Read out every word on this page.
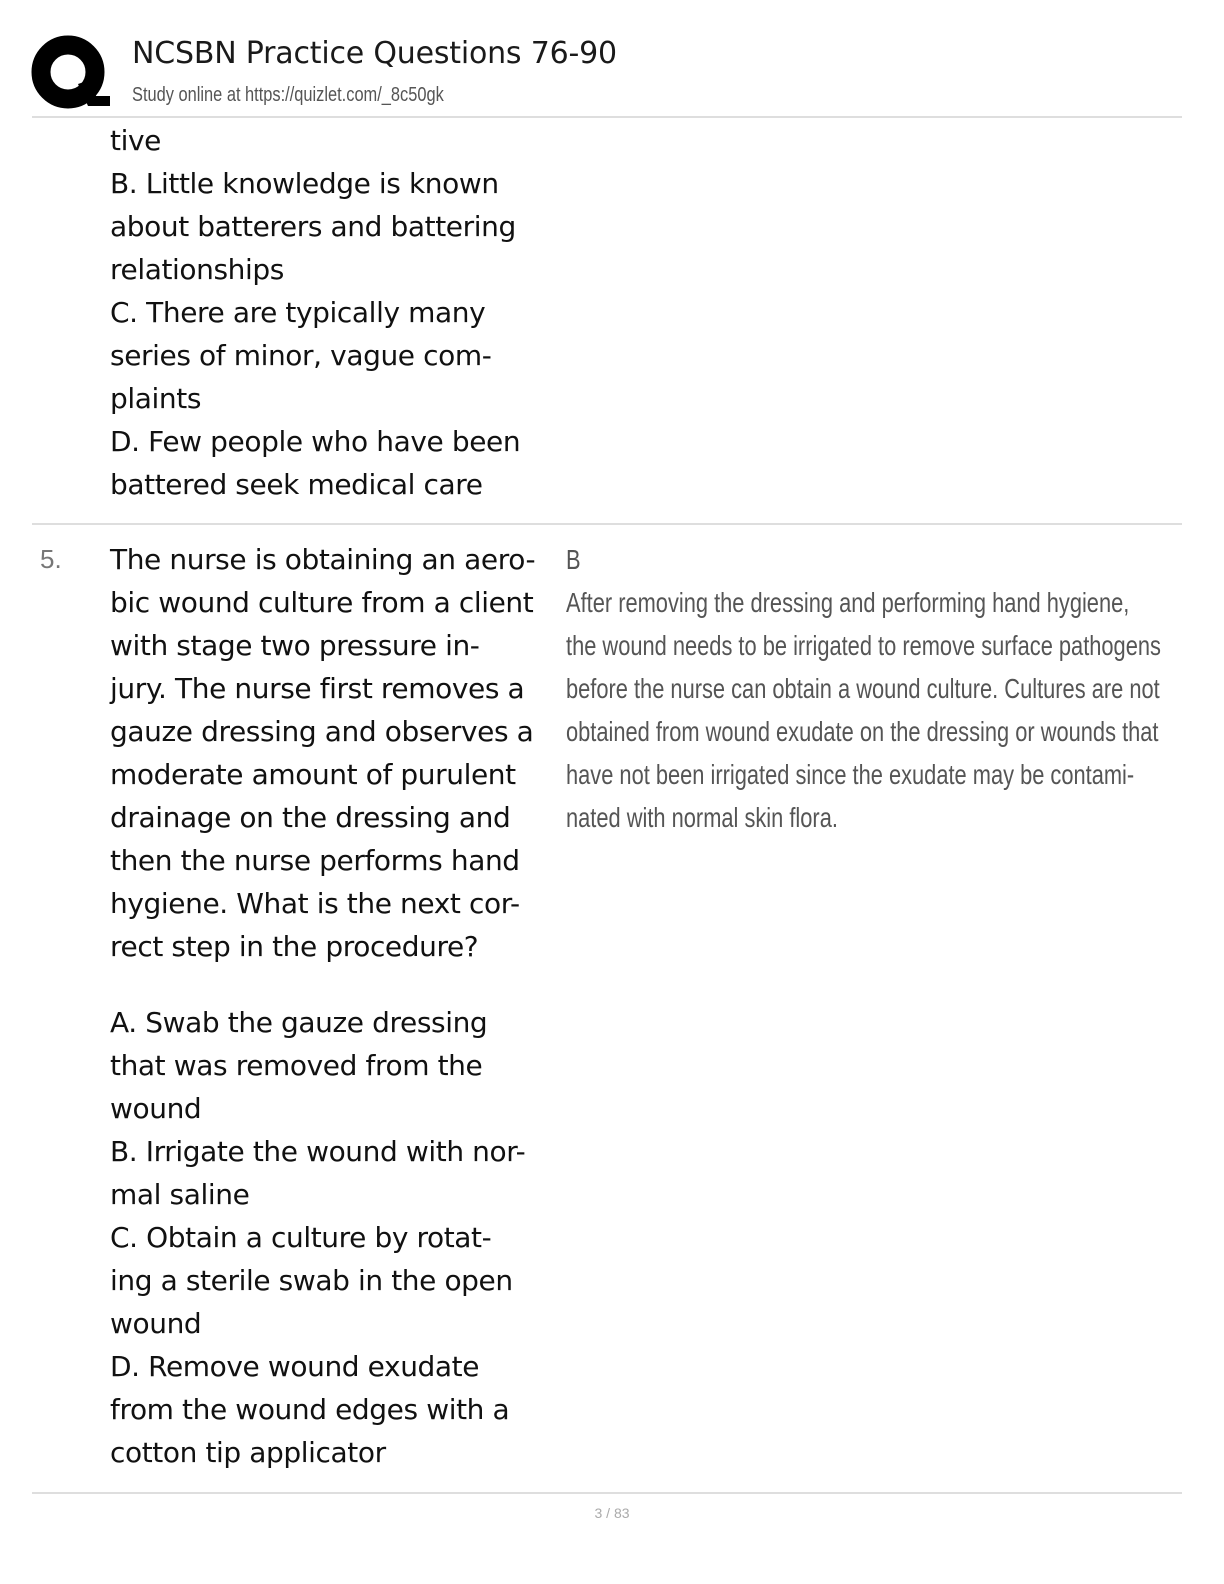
NCSBN Practice Questions 76-90
Study online at https://quizlet.com/_8c50gk
tive
B. Little knowledge is known
about batterers and battering
relationships
C. There are typically many
series of minor, vague com-
plaints
D. Few people who have been
battered seek medical care
5. The nurse is obtaining an aero-
bic wound culture from a client
with stage two pressure in-
jury. The nurse first removes a
gauze dressing and observes a
moderate amount of purulent
drainage on the dressing and
then the nurse performs hand
hygiene. What is the next cor-
rect step in the procedure?
A. Swab the gauze dressing
that was removed from the
wound
B. Irrigate the wound with nor-
mal saline
C. Obtain a culture by rotat-
ing a sterile swab in the open
wound
D. Remove wound exudate
from the wound edges with a
cotton tip applicator
B
After removing the dressing and performing hand hygiene,
the wound needs to be irrigated to remove surface pathogens
before the nurse can obtain a wound culture. Cultures are not
obtained from wound exudate on the dressing or wounds that
have not been irrigated since the exudate may be contami-
nated with normal skin flora.
3 / 83
